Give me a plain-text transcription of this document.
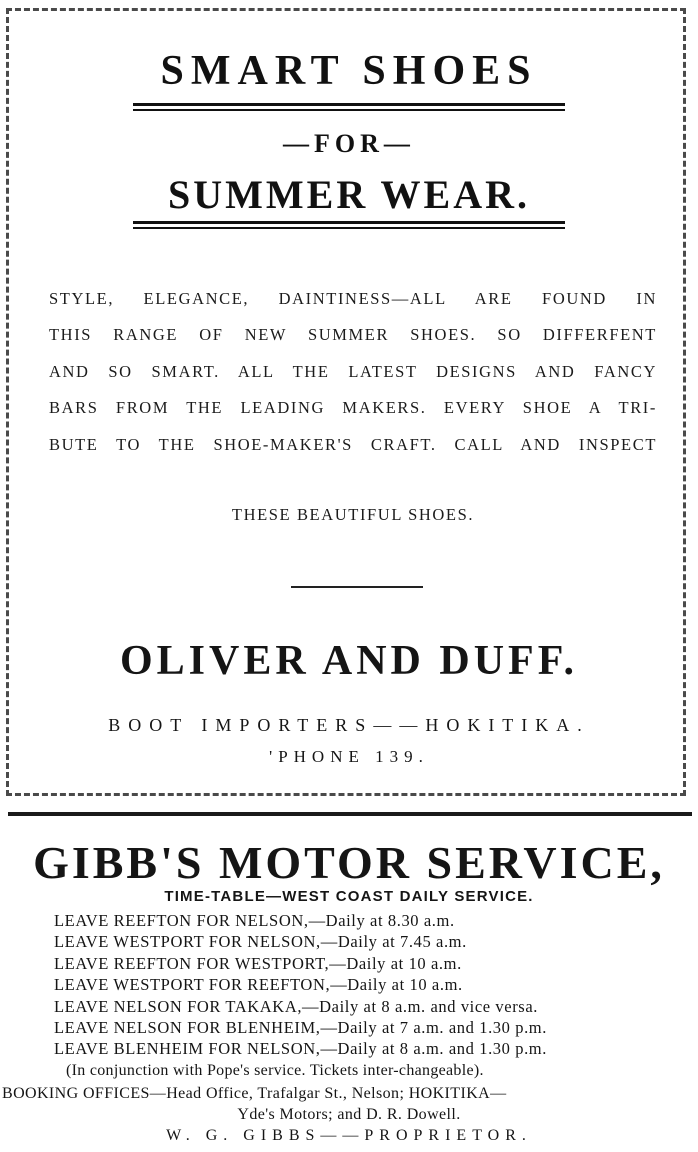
SMART SHOES
—FOR—
SUMMER WEAR.
STYLE, ELEGANCE, DAINTINESS—ALL ARE FOUND IN
THIS RANGE OF NEW SUMMER SHOES. SO DIFFERFENT
AND SO SMART. ALL THE LATEST DESIGNS AND FANCY
BARS FROM THE LEADING MAKERS. EVERY SHOE A TRI-
BUTE TO THE SHOE-MAKER'S CRAFT. CALL AND INSPECT
THESE BEAUTIFUL SHOES.
OLIVER AND DUFF.
BOOT IMPORTERS——HOKITIKA.
'PHONE 139.
GIBB'S MOTOR SERVICE,
TIME-TABLE—WEST COAST DAILY SERVICE.
LEAVE REEFTON FOR NELSON,—Daily at 8.30 a.m.
LEAVE WESTPORT FOR NELSON,—Daily at 7.45 a.m.
LEAVE REEFTON FOR WESTPORT,—Daily at 10 a.m.
LEAVE WESTPORT FOR REEFTON,—Daily at 10 a.m.
LEAVE NELSON FOR TAKAKA,—Daily at 8 a.m. and vice versa.
LEAVE NELSON FOR BLENHEIM,—Daily at 7 a.m. and 1.30 p.m.
LEAVE BLENHEIM FOR NELSON,—Daily at 8 a.m. and 1.30 p.m.
(In conjunction with Pope's service. Tickets inter-changeable).
BOOKING OFFICES—Head Office, Trafalgar St., Nelson; HOKITIKA—
Yde's Motors; and D. R. Dowell.
W. G. GIBBS——PROPRIETOR.
